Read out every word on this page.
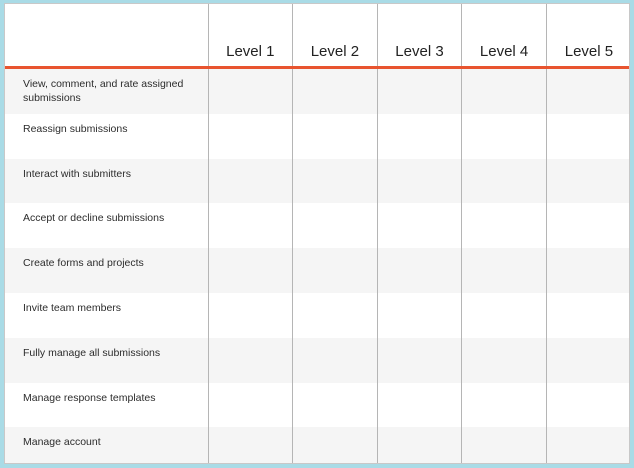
	Level 1	Level 2	Level 3	Level 4	Level 5
View, comment, and rate assigned submissions					
Reassign submissions					
Interact with submitters					
Accept or decline submissions					
Create forms and projects					
Invite team members					
Fully manage all submissions					
Manage response templates					
Manage account					
